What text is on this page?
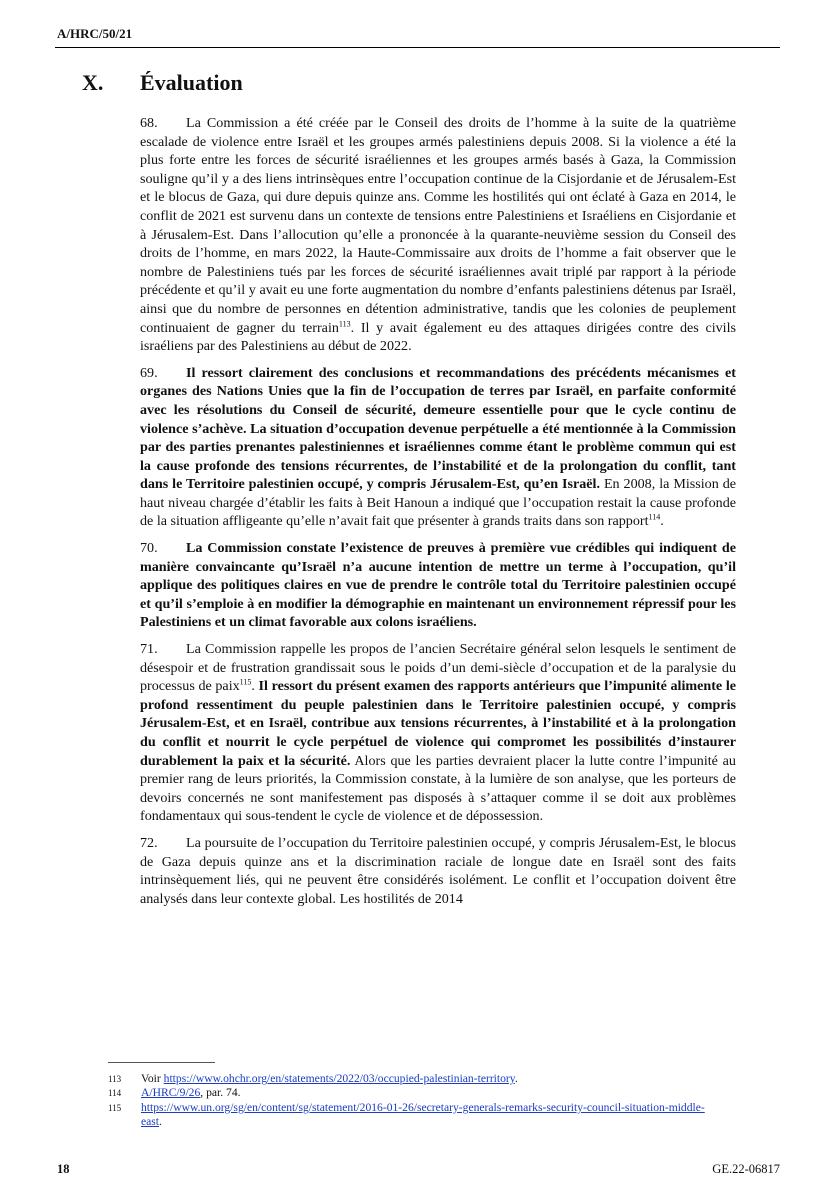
A/HRC/50/21
X. Évaluation

68. La Commission a été créée par le Conseil des droits de l’homme à la suite de la quatrième escalade de violence entre Israël et les groupes armés palestiniens depuis 2008. Si la violence a été la plus forte entre les forces de sécurité israéliennes et les groupes armés basés à Gaza, la Commission souligne qu’il y a des liens intrinsèques entre l’occupation continue de la Cisjordanie et de Jérusalem-Est et le blocus de Gaza, qui dure depuis quinze ans. Comme les hostilités qui ont éclaté à Gaza en 2014, le conflit de 2021 est survenu dans un contexte de tensions entre Palestiniens et Israéliens en Cisjordanie et à Jérusalem-Est. Dans l’allocution qu’elle a prononcée à la quarante-neuvième session du Conseil des droits de l’homme, en mars 2022, la Haute-Commissaire aux droits de l’homme a fait observer que le nombre de Palestiniens tués par les forces de sécurité israéliennes avait triplé par rapport à la période précédente et qu’il y avait eu une forte augmentation du nombre d’enfants palestiniens détenus par Israël, ainsi que du nombre de personnes en détention administrative, tandis que les colonies de peuplement continuaient de gagner du terrain$^{113}$. Il y avait également eu des attaques dirigées contre des civils israéliens par des Palestiniens au début de 2022.

69. Il ressort clairement des conclusions et recommandations des précédents mécanismes et organes des Nations Unies que la fin de l’occupation de terres par Israël, en parfaite conformité avec les résolutions du Conseil de sécurité, demeure essentielle pour que le cycle continu de violence s’achève. La situation d’occupation devenue perpétuelle a été mentionnée à la Commission par des parties prenantes palestiniennes et israéliennes comme étant le problème commun qui est la cause profonde des tensions récurrentes, de l’instabilité et de la prolongation du conflit, tant dans le Territoire palestinien occupé, y compris Jérusalem-Est, qu’en Israël. En 2008, la Mission de haut niveau chargée d’établir les faits à Beit Hanoun a indiqué que l’occupation restait la cause profonde de la situation affligeante qu’elle n’avait fait que présenter à grands traits dans son rapport$^{114}$.

70. La Commission constate l’existence de preuves à première vue crédibles qui indiquent de manière convaincante qu’Israël n’a aucune intention de mettre un terme à l’occupation, qu’il applique des politiques claires en vue de prendre le contrôle total du Territoire palestinien occupé et qu’il s’emploie à en modifier la démographie en maintenant un environnement répressif pour les Palestiniens et un climat favorable aux colons israéliens.

71. La Commission rappelle les propos de l’ancien Secrétaire général selon lesquels le sentiment de désespoir et de frustration grandissait sous le poids d’un demi-siècle d’occupation et de la paralysie du processus de paix$^{115}$. Il ressort du présent examen des rapports antérieurs que l’impunité alimente le profond ressentiment du peuple palestinien dans le Territoire palestinien occupé, y compris Jérusalem-Est, et en Israël, contribue aux tensions récurrentes, à l’instabilité et à la prolongation du conflit et nourrit le cycle perpétuel de violence qui compromet les possibilités d’instaurer durablement la paix et la sécurité. Alors que les parties devraient placer la lutte contre l’impunité au premier rang de leurs priorités, la Commission constate, à la lumière de son analyse, que les porteurs de devoirs concernés ne sont manifestement pas disposés à s’attaquer comme il se doit aux problèmes fondamentaux qui sous-tendent le cycle de violence et de dépossession.

72. La poursuite de l’occupation du Territoire palestinien occupé, y compris Jérusalem-Est, le blocus de Gaza depuis quinze ans et la discrimination raciale de longue date en Israël sont des faits intrinsèquement liés, qui ne peuvent être considérés isolément. Le conflit et l’occupation doivent être analysés dans leur contexte global. Les hostilités de 2014

113	Voir https://www.ohchr.org/en/statements/2022/03/occupied-palestinian-territory.
114	A/HRC/9/26, par. 74.
115	https://www.un.org/sg/en/content/sg/statement/2016-01-26/secretary-generals-remarks-security-council-situation-middle-east.
18	GE.22-06817
